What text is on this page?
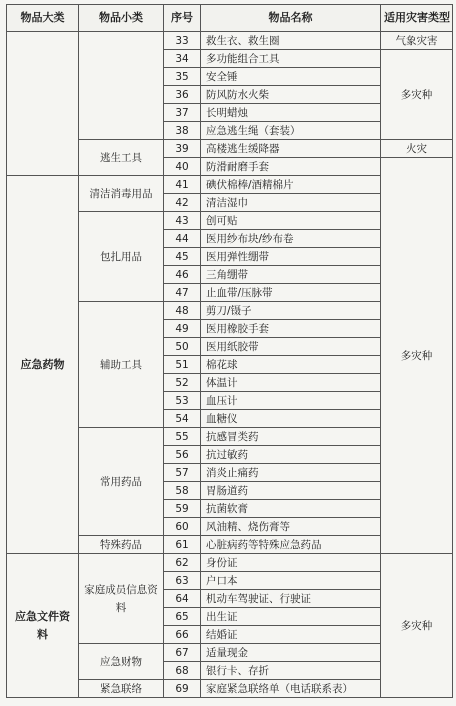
物品大类	物品小类	序号	物品名称	适用灾害类型
		33	救生衣、救生圈	气象灾害
		34	多功能组合工具	多灾种
		35	安全锤	
		36	防风防水火柴	
		37	长明蜡烛	
		38	应急逃生绳（套装）	
	逃生工具	39	高楼逃生缓降器	火灾
		40	防滑耐磨手套	多灾种
应急药物	清洁消毒用品	41	碘伏棉棒/酒精棉片	
		42	清洁湿巾	
	包扎用品	43	创可贴	
		44	医用纱布块/纱布卷	
		45	医用弹性绷带	
		46	三角绷带	
		47	止血带/压脉带	
	辅助工具	48	剪刀/镊子	
		49	医用橡胶手套	
		50	医用纸胶带	
		51	棉花球	
		52	体温计	
		53	血压计	
		54	血糖仪	
	常用药品	55	抗感冒类药	
		56	抗过敏药	
		57	消炎止痛药	
		58	胃肠道药	
		59	抗菌软膏	
		60	风油精、烧伤膏等	
	特殊药品	61	心脏病药等特殊应急药品	
应急文件资料	家庭成员信息资料	62	身份证	多灾种
		63	户口本	
		64	机动车驾驶证、行驶证	
		65	出生证	
		66	结婚证	
	应急财物	67	适量现金	
		68	银行卡、存折	
	紧急联络	69	家庭紧急联络单（电话联系表）	
